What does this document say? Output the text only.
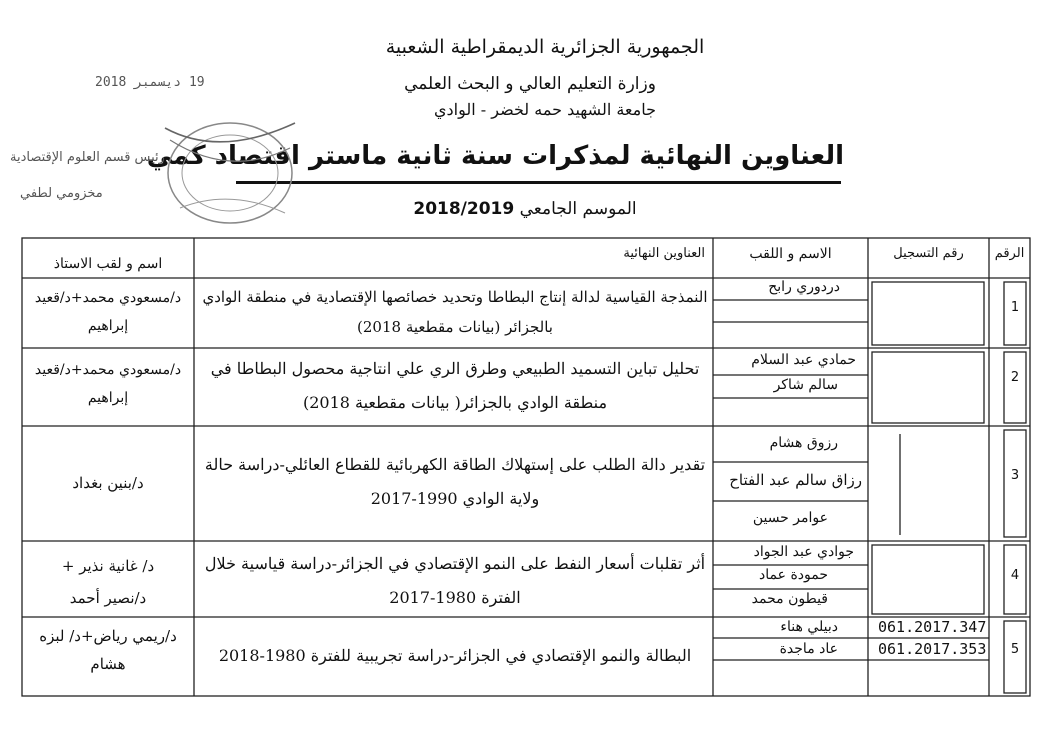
الجمهورية الجزائرية الديمقراطية الشعبية
وزارة التعليم العالي و البحث العلمي
جامعة الشهيد حمه لخضر - الوادي
العناوين النهائية لمذكرات سنة ثانية ماستر اقتصاد كمي
الموسم الجامعي 2018/2019
19 ديسمبر 2018
رئيس قسم العلوم الإقتصادية
مخزومي لطفي
الرقم
رقم التسجيل
الاسم و اللقب
العناوين النهائية
اسم و لقب الاستاذ
1
دردوري رابح
النمذجة القياسية لدالة إنتاج البطاطا وتحديد خصائصها الإقتصادية في منطقة الوادي
بالجزائر (بيانات مقطعية 2018)
د/مسعودي محمد+د/قعيد
إبراهيم
2
حمادي عبد السلام
سالم شاكر
تحليل تباين التسميد الطبيعي وطرق الري علي انتاجية محصول البطاطا في
منطقة الوادي بالجزائر( بيانات مقطعية 2018)
د/مسعودي محمد+د/قعيد
إبراهيم
3
رزوق هشام
رزاق سالم عبد الفتاح
عوامر حسين
تقدير دالة الطلب على إستهلاك الطاقة الكهربائية للقطاع العائلي-دراسة حالة
ولاية الوادي 1990-2017
د/بنين بغداد
4
جوادي عبد الجواد
حمودة عماد
قيطون محمد
أثر تقلبات أسعار النفط على النمو الإقتصادي في الجزائر-دراسة قياسية خلال
الفترة 1980-2017
د/ غانية نذير +
د/نصير أحمد
5
دبيلي هناء
عاد ماجدة
061.2017.347
061.2017.353
البطالة والنمو الإقتصادي في الجزائر-دراسة تجريبية للفترة 1980-2018
د/ريمي رياض+د/ لبزه
هشام
